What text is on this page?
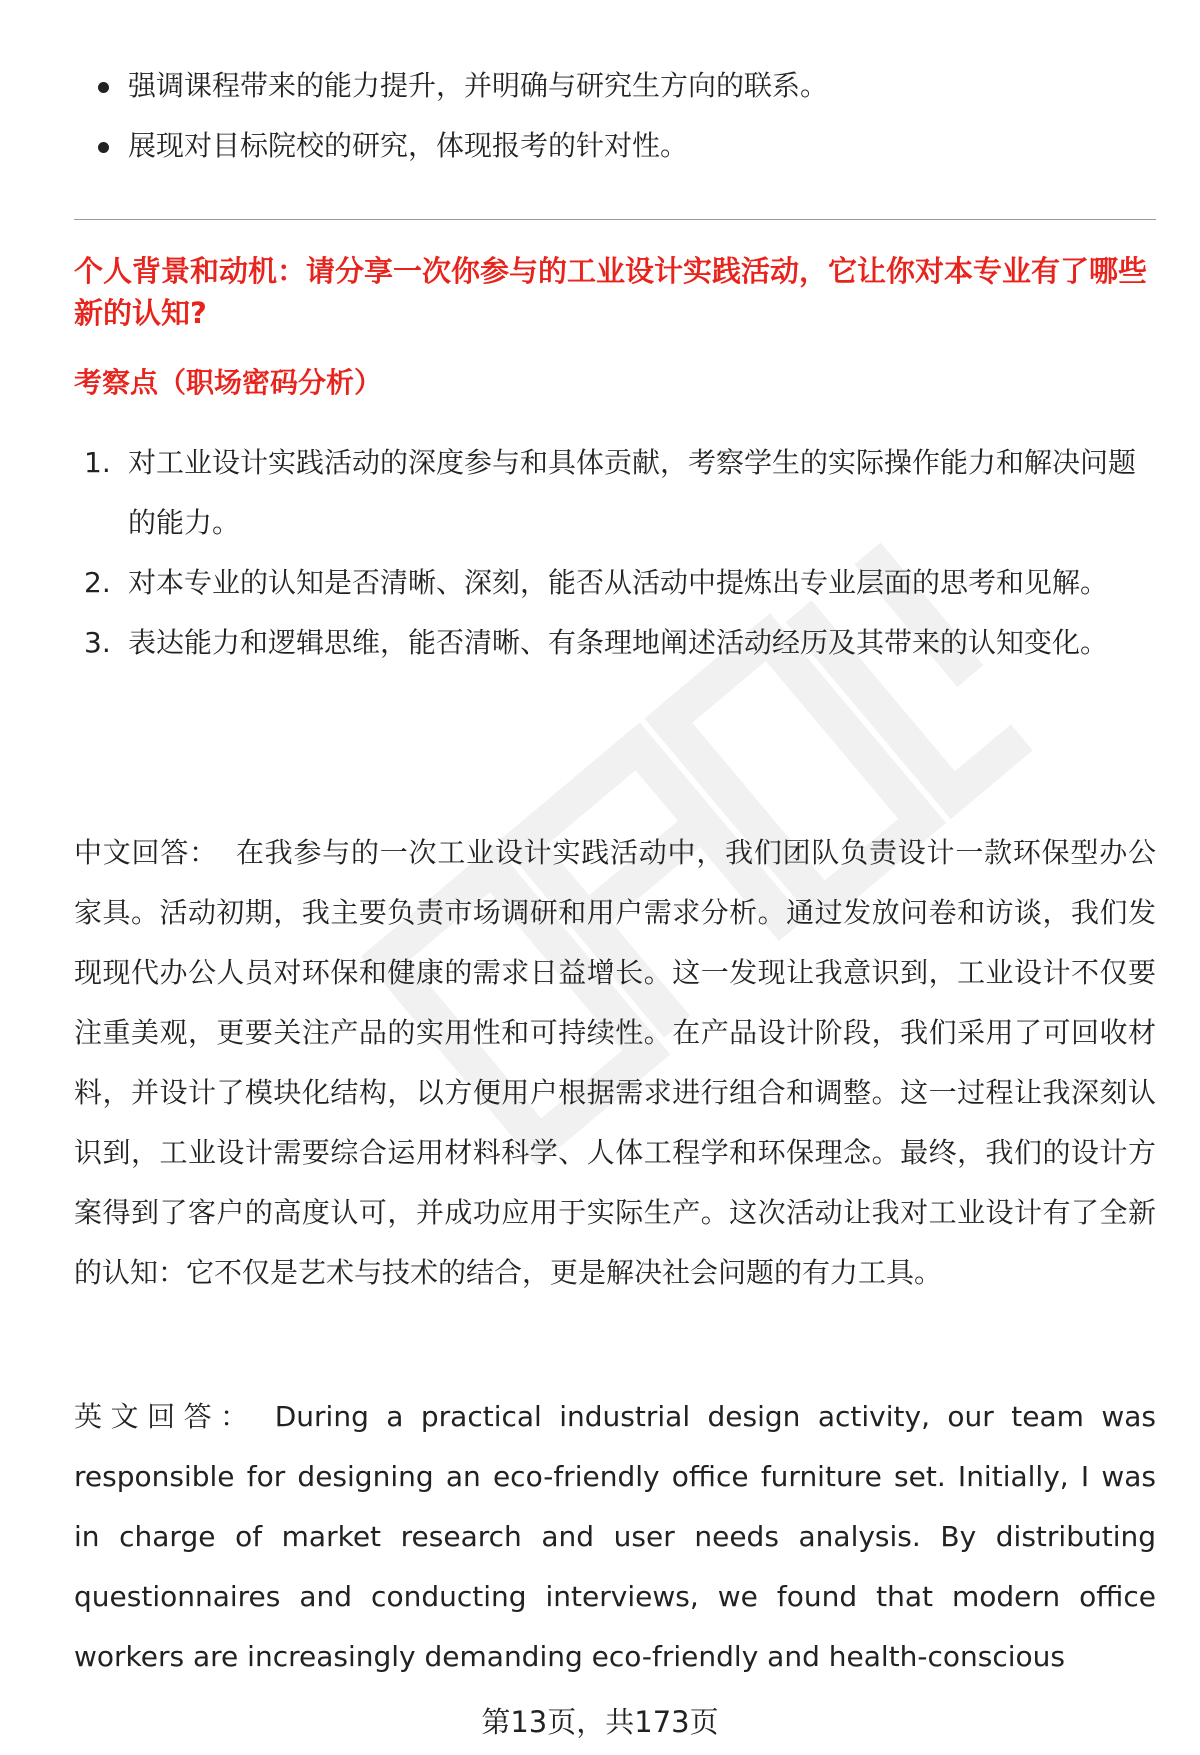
强调课程带来的能力提升，并明确与研究生方向的联系。
展现对目标院校的研究，体现报考的针对性。
个人背景和动机：请分享一次你参与的工业设计实践活动，它让你对本专业有了哪些新的认知?
考察点（职场密码分析）
1. 对工业设计实践活动的深度参与和具体贡献，考察学生的实际操作能力和解决问题的能力。
2. 对本专业的认知是否清晰、深刻，能否从活动中提炼出专业层面的思考和见解。
3. 表达能力和逻辑思维，能否清晰、有条理地阐述活动经历及其带来的认知变化。

中文回答： 在我参与的一次工业设计实践活动中，我们团队负责设计一款环保型办公家具。活动初期，我主要负责市场调研和用户需求分析。通过发放问卷和访谈，我们发现现代办公人员对环保和健康的需求日益增长。这一发现让我意识到，工业设计不仅要注重美观，更要关注产品的实用性和可持续性。在产品设计阶段，我们采用了可回收材料，并设计了模块化结构，以方便用户根据需求进行组合和调整。这一过程让我深刻认识到，工业设计需要综合运用材料科学、人体工程学和环保理念。最终，我们的设计方案得到了客户的高度认可，并成功应用于实际生产。这次活动让我对工业设计有了全新的认知：它不仅是艺术与技术的结合，更是解决社会问题的有力工具。

英文回答： During a practical industrial design activity, our team was responsible for designing an eco-friendly office furniture set. Initially, I was in charge of market research and user needs analysis. By distributing questionnaires and conducting interviews, we found that modern office workers are increasingly demanding eco-friendly and health-conscious

第13页，共173页
